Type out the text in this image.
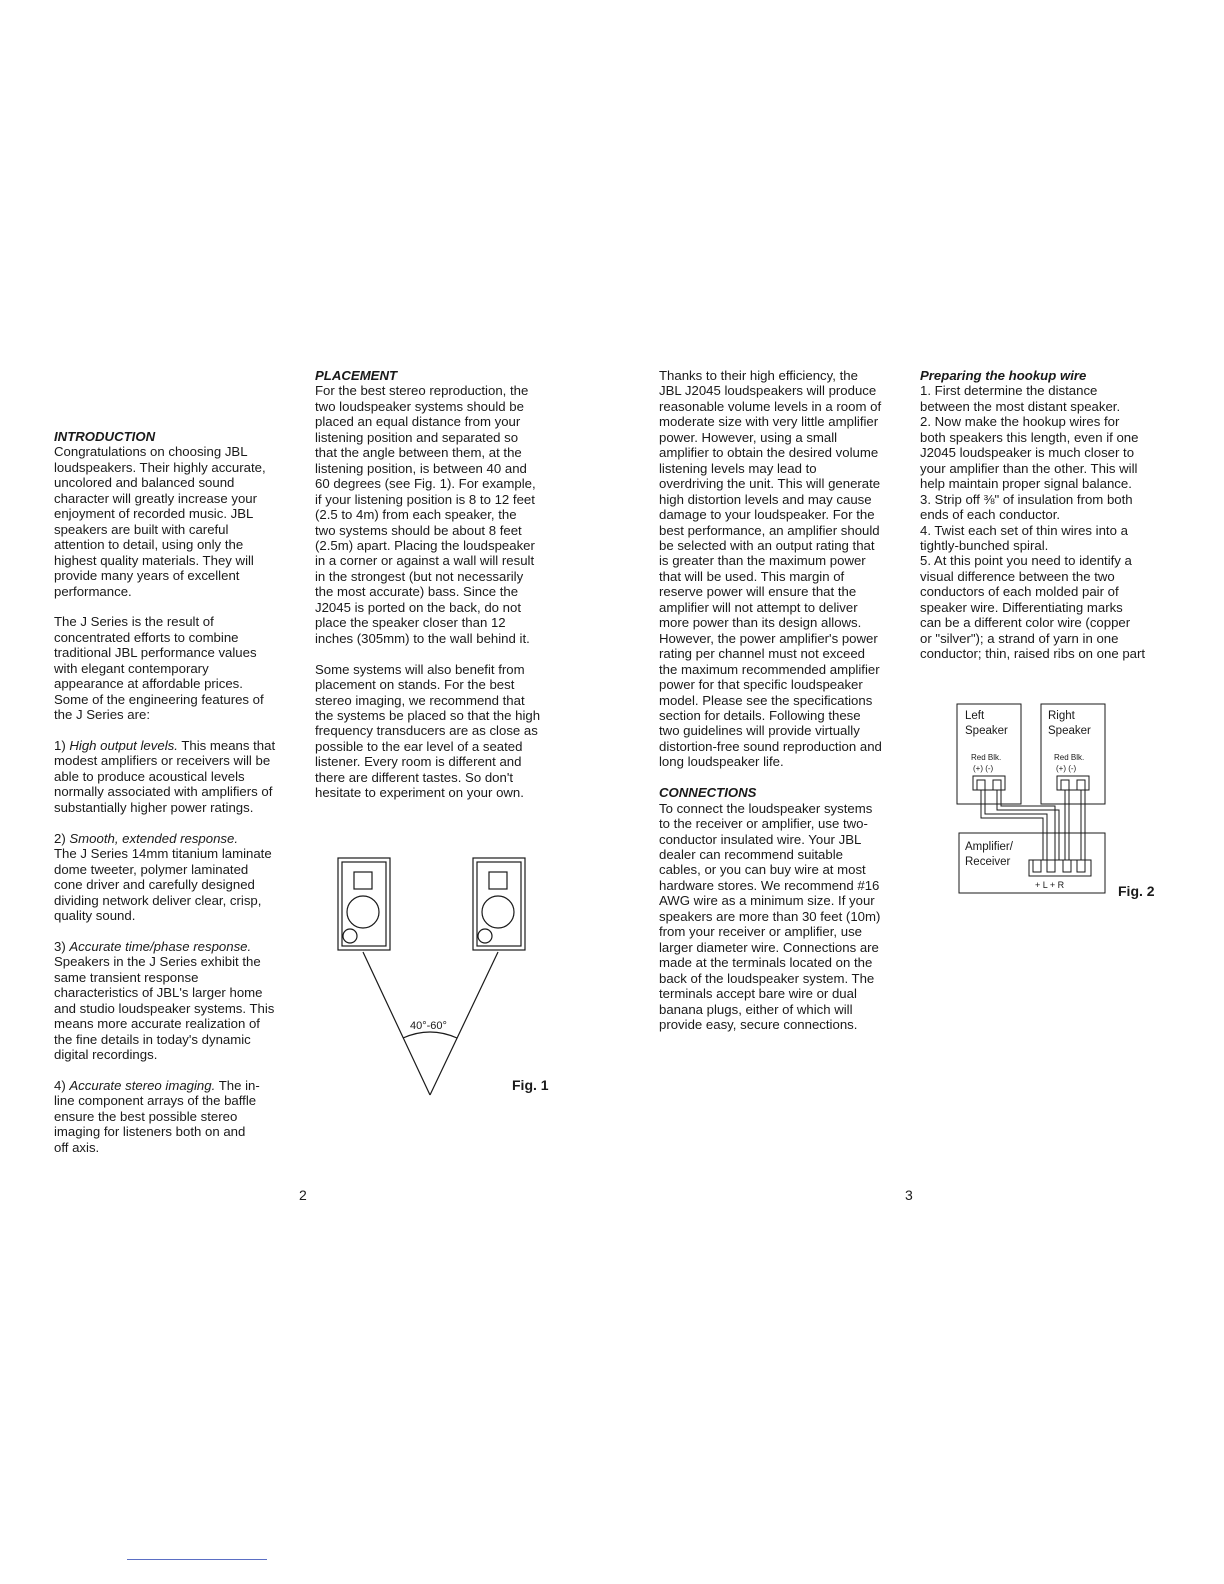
INTRODUCTION

Congratulations on choosing JBL
loudspeakers. Their highly accurate,
uncolored and balanced sound
character will greatly increase your
enjoyment of recorded music. JBL
speakers are built with careful
attention to detail, using only the
highest quality materials. They will
provide many years of excellent
performance.

The J Series is the result of
concentrated efforts to combine
traditional JBL performance values
with elegant contemporary
appearance at affordable prices.
Some of the engineering features of
the J Series are:

1) High output levels. This means that
modest amplifiers or receivers will be
able to produce acoustical levels
normally associated with amplifiers of
substantially higher power ratings.

2) Smooth, extended response.
The J Series 14mm titanium laminate
dome tweeter, polymer laminated
cone driver and carefully designed
dividing network deliver clear, crisp,
quality sound.

3) Accurate time/phase response.
Speakers in the J Series exhibit the
same transient response
characteristics of JBL's larger home
and studio loudspeaker systems. This
means more accurate realization of
the fine details in today's dynamic
digital recordings.

4) Accurate stereo imaging. The in-
line component arrays of the baffle
ensure the best possible stereo
imaging for listeners both on and
off axis.

PLACEMENT

For the best stereo reproduction, the
two loudspeaker systems should be
placed an equal distance from your
listening position and separated so
that the angle between them, at the
listening position, is between 40 and
60 degrees (see Fig. 1). For example,
if your listening position is 8 to 12 feet
(2.5 to 4m) from each speaker, the
two systems should be about 8 feet
(2.5m) apart. Placing the loudspeaker
in a corner or against a wall will result
in the strongest (but not necessarily
the most accurate) bass. Since the
J2045 is ported on the back, do not
place the speaker closer than 12
inches (305mm) to the wall behind it.

Some systems will also benefit from
placement on stands. For the best
stereo imaging, we recommend that
the systems be placed so that the high
frequency transducers are as close as
possible to the ear level of a seated
listener. Every room is different and
there are different tastes. So don't
hesitate to experiment on your own.

40°-60°
Fig. 1
2

Thanks to their high efficiency, the
JBL J2045 loudspeakers will produce
reasonable volume levels in a room of
moderate size with very little amplifier
power. However, using a small
amplifier to obtain the desired volume
listening levels may lead to
overdriving the unit. This will generate
high distortion levels and may cause
damage to your loudspeaker. For the
best performance, an amplifier should
be selected with an output rating that
is greater than the maximum power
that will be used. This margin of
reserve power will ensure that the
amplifier will not attempt to deliver
more power than its design allows.
However, the power amplifier's power
rating per channel must not exceed
the maximum recommended amplifier
power for that specific loudspeaker
model. Please see the specifications
section for details. Following these
two guidelines will provide virtually
distortion-free sound reproduction and
long loudspeaker life.

CONNECTIONS

To connect the loudspeaker systems
to the receiver or amplifier, use two-
conductor insulated wire. Your JBL
dealer can recommend suitable
cables, or you can buy wire at most
hardware stores. We recommend #16
AWG wire as a minimum size. If your
speakers are more than 30 feet (10m)
from your receiver or amplifier, use
larger diameter wire. Connections are
made at the terminals located on the
back of the loudspeaker system. The
terminals accept bare wire or dual
banana plugs, either of which will
provide easy, secure connections.

Preparing the hookup wire

1. First determine the distance
between the most distant speaker.
2. Now make the hookup wires for
both speakers this length, even if one
J2045 loudspeaker is much closer to
your amplifier than the other. This will
help maintain proper signal balance.
3. Strip off ⅜" of insulation from both
ends of each conductor.
4. Twist each set of thin wires into a
tightly-bunched spiral.
5. At this point you need to identify a
visual difference between the two
conductors of each molded pair of
speaker wire. Differentiating marks
can be a different color wire (copper
or "silver"); a strand of yarn in one
conductor; thin, raised ribs on one part

Left
Speaker
Right
Speaker
Red Blk.
(+) (-)
Red Blk.
(+) (-)
Amplifier/
Receiver
+ L + R	Fig. 2
3
